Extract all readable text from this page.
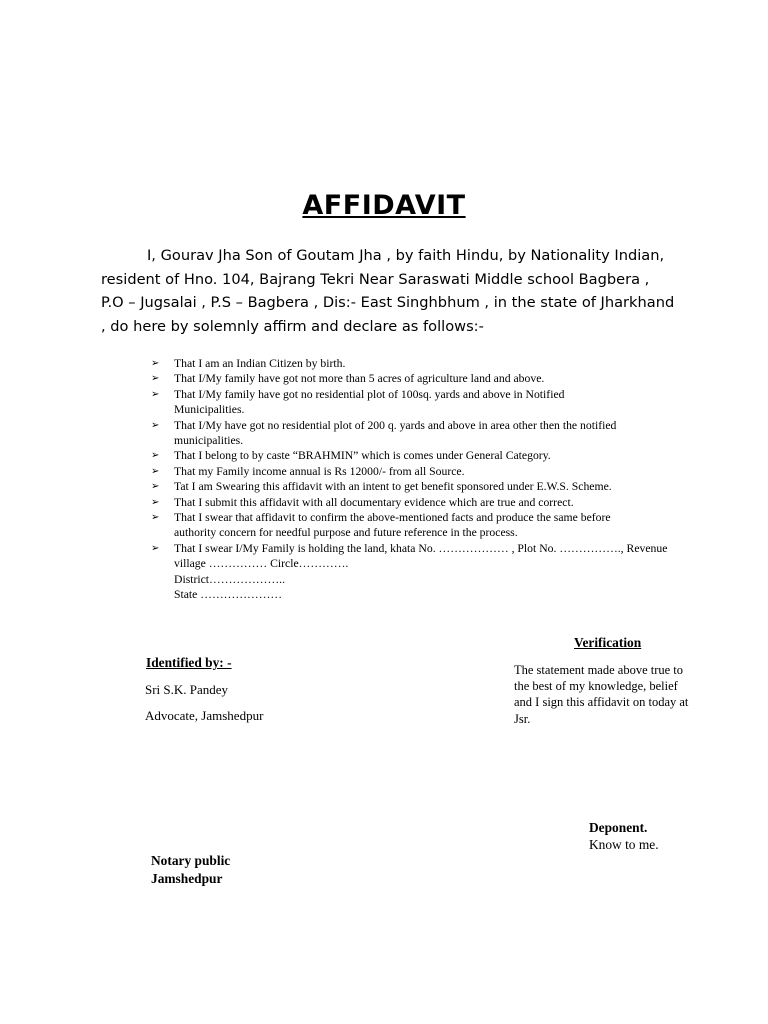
AFFIDAVIT

I, Gourav Jha Son of Goutam Jha , by faith Hindu, by Nationality Indian,
resident of Hno. 104, Bajrang Tekri Near Saraswati Middle school Bagbera ,
P.O – Jugsalai , P.S – Bagbera , Dis:- East Singhbhum , in the state of Jharkhand
, do here by solemnly affirm and declare as follows:-

➢ That I am an Indian Citizen by birth.
➢ That I/My family have got not more than 5 acres of agriculture land and above.
➢ That I/My family have got no residential plot of 100sq. yards and above in Notified
Municipalities.
➢ That I/My have got no residential plot of 200 q. yards and above in area other then the notified
municipalities.
➢ That I belong to by caste “BRAHMIN” which is comes under General Category.
➢ That my Family income annual is Rs 12000/- from all Source.
➢ Tat I am Swearing this affidavit with an intent to get benefit sponsored under E.W.S. Scheme.
➢ That I submit this affidavit with all documentary evidence which are true and correct.
➢ That I swear that affidavit to confirm the above-mentioned facts and produce the same before
authority concern for needful purpose and future reference in the process.
➢ That I swear I/My Family is holding the land, khata No. ……………… , Plot No. ……………., Revenue
village …………… Circle………….
District………………..
State …………………
Identified by: -
Sri S.K. Pandey
Advocate, Jamshedpur
Verification
The statement made above true to
the best of my knowledge, belief
and I sign this affidavit on today at
Jsr.
Deponent.
Know to me.
Notary public
Jamshedpur
